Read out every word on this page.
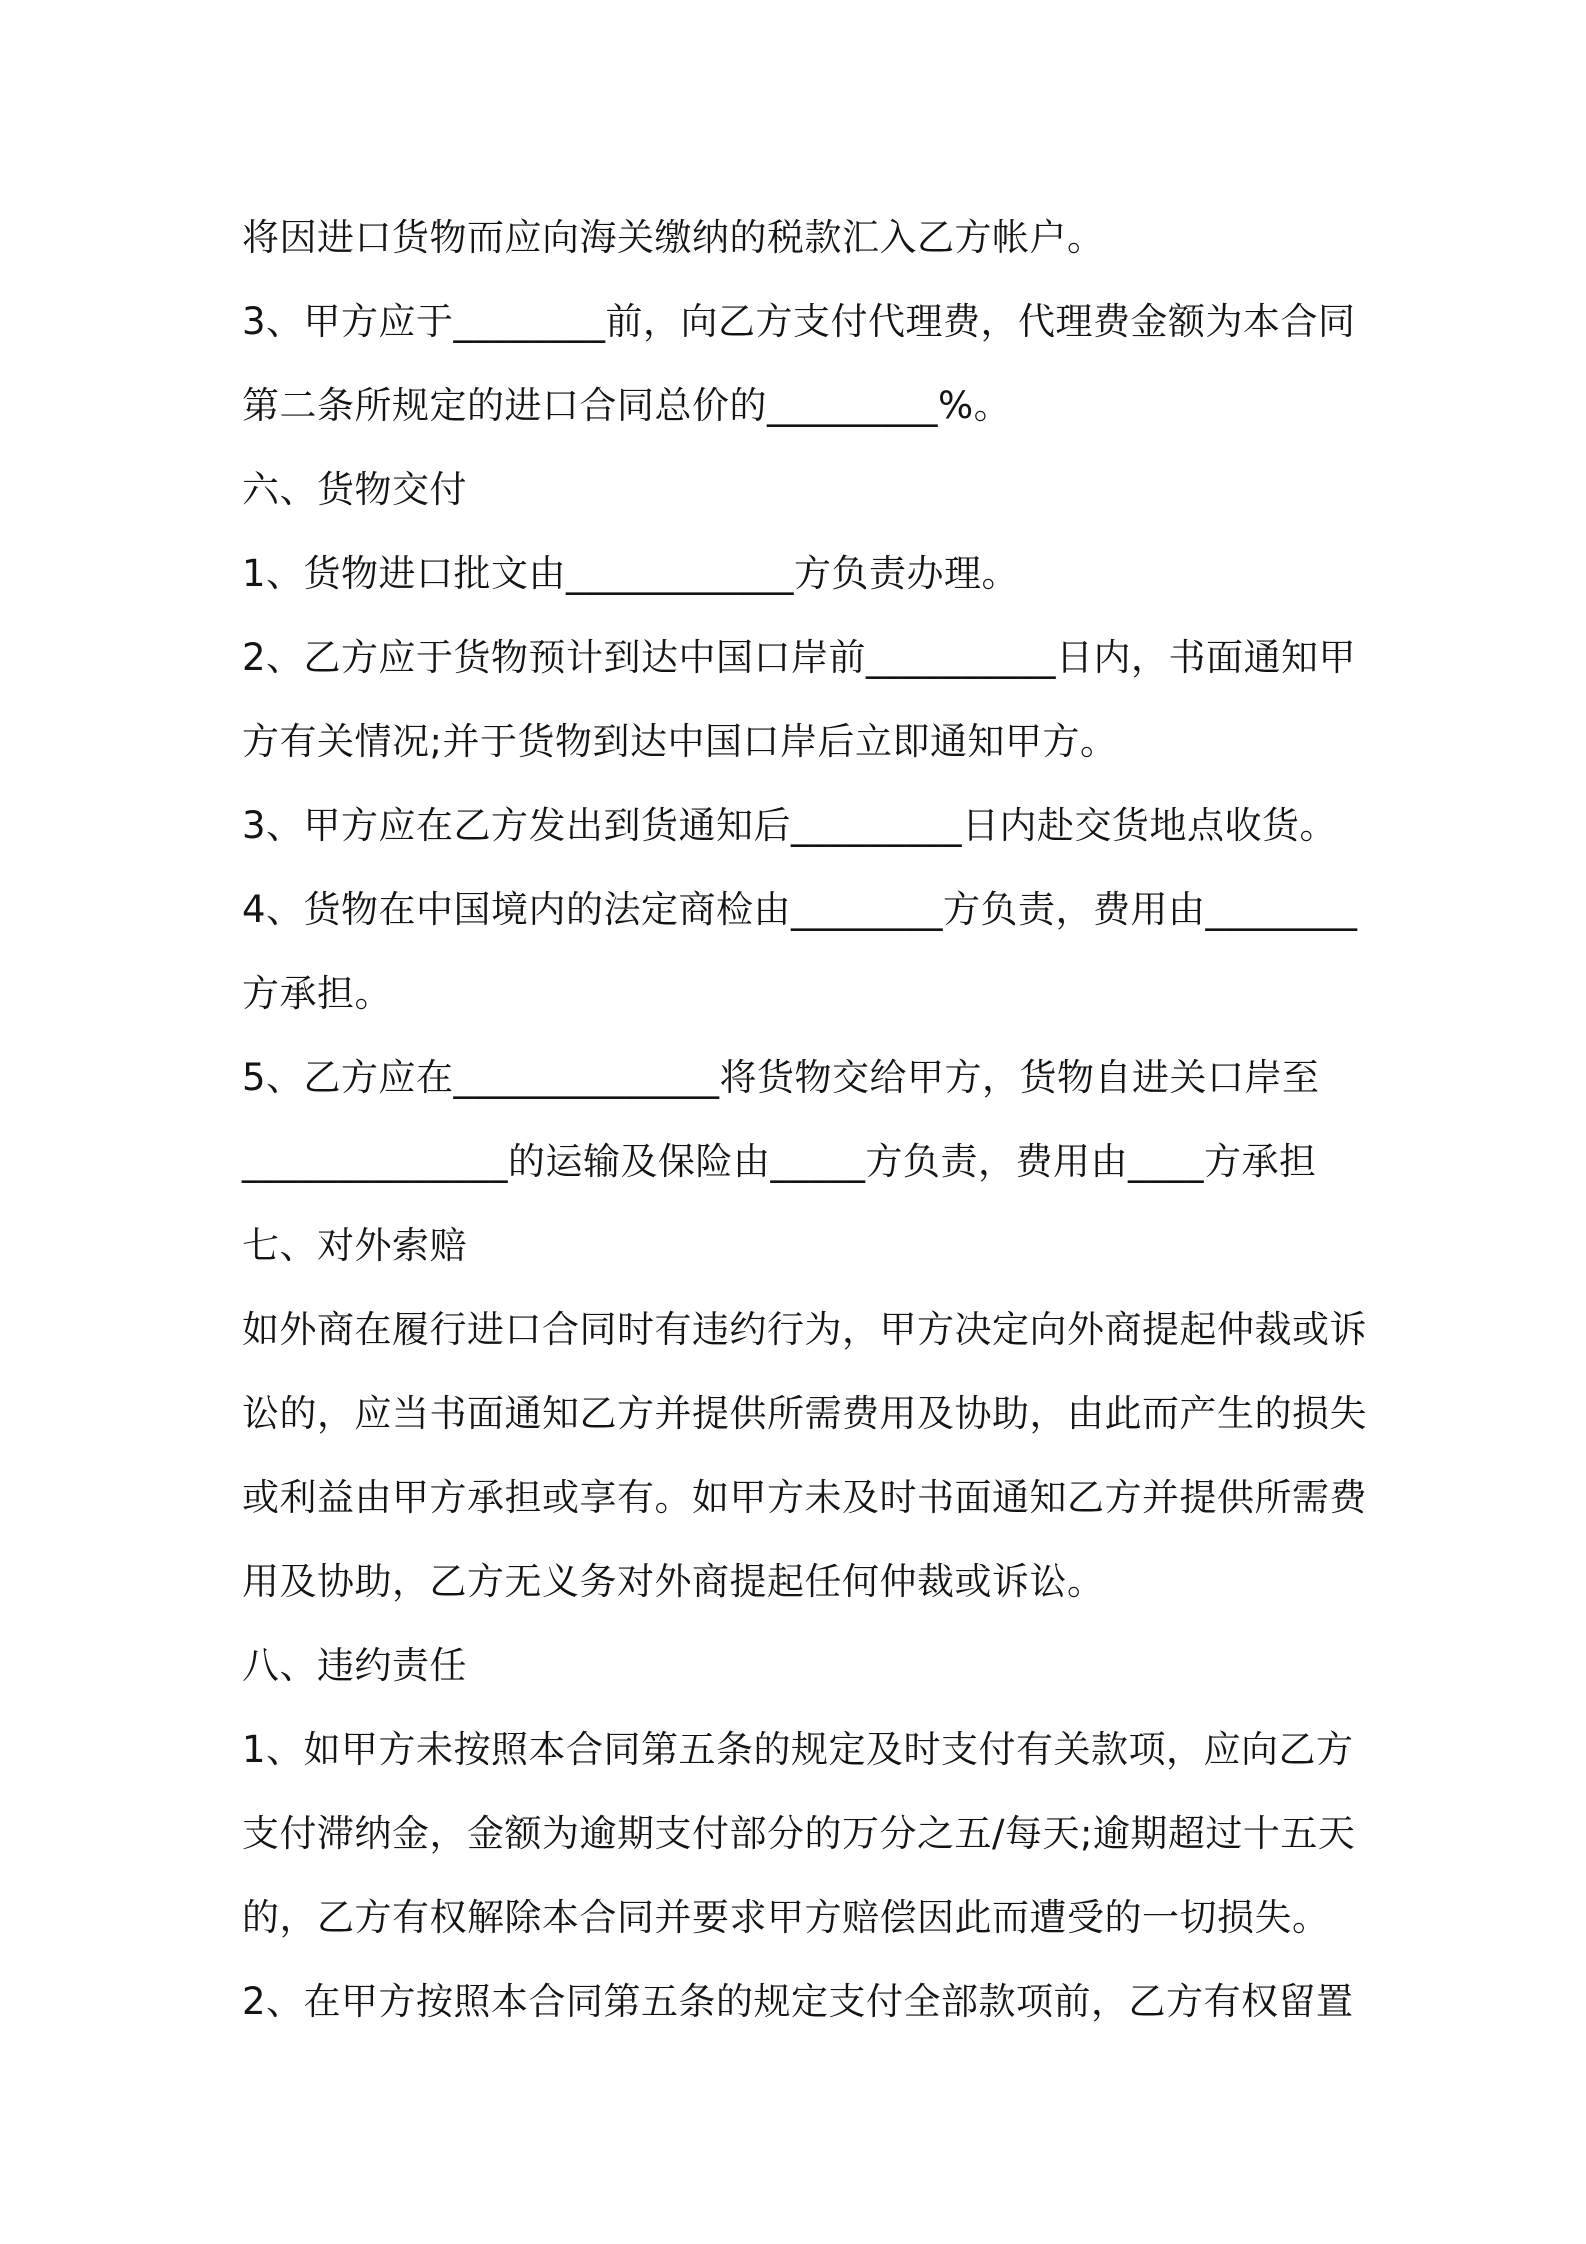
将因进口货物而应向海关缴纳的税款汇入乙方帐户。
3、甲方应于________前，向乙方支付代理费，代理费金额为本合同
第二条所规定的进口合同总价的_________%。
六、货物交付
1、货物进口批文由____________方负责办理。
2、乙方应于货物预计到达中国口岸前__________日内，书面通知甲
方有关情况;并于货物到达中国口岸后立即通知甲方。
3、甲方应在乙方发出到货通知后_________日内赴交货地点收货。
4、货物在中国境内的法定商检由________方负责，费用由________
方承担。
5、乙方应在______________将货物交给甲方，货物自进关口岸至
______________的运输及保险由_____方负责，费用由____方承担
七、对外索赔
如外商在履行进口合同时有违约行为，甲方决定向外商提起仲裁或诉
讼的，应当书面通知乙方并提供所需费用及协助，由此而产生的损失
或利益由甲方承担或享有。如甲方未及时书面通知乙方并提供所需费
用及协助，乙方无义务对外商提起任何仲裁或诉讼。
八、违约责任
1、如甲方未按照本合同第五条的规定及时支付有关款项，应向乙方
支付滞纳金，金额为逾期支付部分的万分之五/每天;逾期超过十五天
的，乙方有权解除本合同并要求甲方赔偿因此而遭受的一切损失。
2、在甲方按照本合同第五条的规定支付全部款项前，乙方有权留置
